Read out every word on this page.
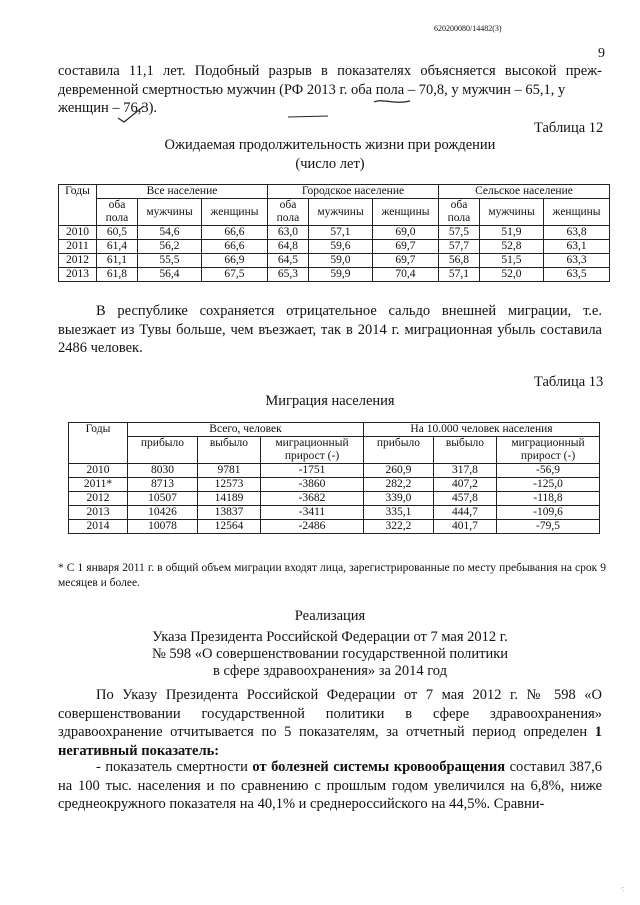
620200080/14482(3)
9
составила 11,1 лет. Подобный разрыв в показателях объясняется высокой преж- девременной смертностью мужчин (РФ 2013 г. оба пола – 70,8, у мужчин – 65,1, у
женщин – 76,3).
Таблица 12
Ожидаемая продолжительность жизни при рождении
(число лет)
Годы	Все население			Городское население			Сельское население		
	оба пола	мужчины	женщины	оба пола	мужчины	женщины	оба пола	мужчины	женщины
2010	60,5	54,6	66,6	63,0	57,1	69,0	57,5	51,9	63,8
2011	61,4	56,2	66,6	64,8	59,6	69,7	57,7	52,8	63,1
2012	61,1	55,5	66,9	64,5	59,0	69,7	56,8	51,5	63,3
2013	61,8	56,4	67,5	65,3	59,9	70,4	57,1	52,0	63,5
В республике сохраняется отрицательное сальдо внешней миграции, т.е. выезжает из Тувы больше, чем въезжает, так в 2014 г. миграционная убыль составила 2486 человек.
Таблица 13
Миграция населения
Годы	Всего, человек			На 10.000 человек населения		
	прибыло	выбыло	миграционный прирост (-)	прибыло	выбыло	миграционный прирост (-)
2010	8030	9781	-1751	260,9	317,8	-56,9
2011*	8713	12573	-3860	282,2	407,2	-125,0
2012	10507	14189	-3682	339,0	457,8	-118,8
2013	10426	13837	-3411	335,1	444,7	-109,6
2014	10078	12564	-2486	322,2	401,7	-79,5
* С 1 января 2011 г. в общий объем миграции входят лица, зарегистрированные по месту пребывания на срок 9 месяцев и более.
Реализация
Указа Президента Российской Федерации от 7 мая 2012 г.
№ 598 «О совершенствовании государственной политики
в сфере здравоохранения» за 2014 год
По Указу Президента Российской Федерации от 7 мая 2012 г. № 598 «О совершенствовании государственной политики в сфере здравоохранения» здравоохранение отчитывается по 5 показателям, за отчетный период определен 1 негативный показатель:
- показатель смертности от болезней системы кровообращения составил 387,6 на 100 тыс. населения и по сравнению с прошлым годом увеличился на 6,8%, ниже среднеокружного показателя на 40,1% и среднероссийского на 44,5%. Сравни-
·:
